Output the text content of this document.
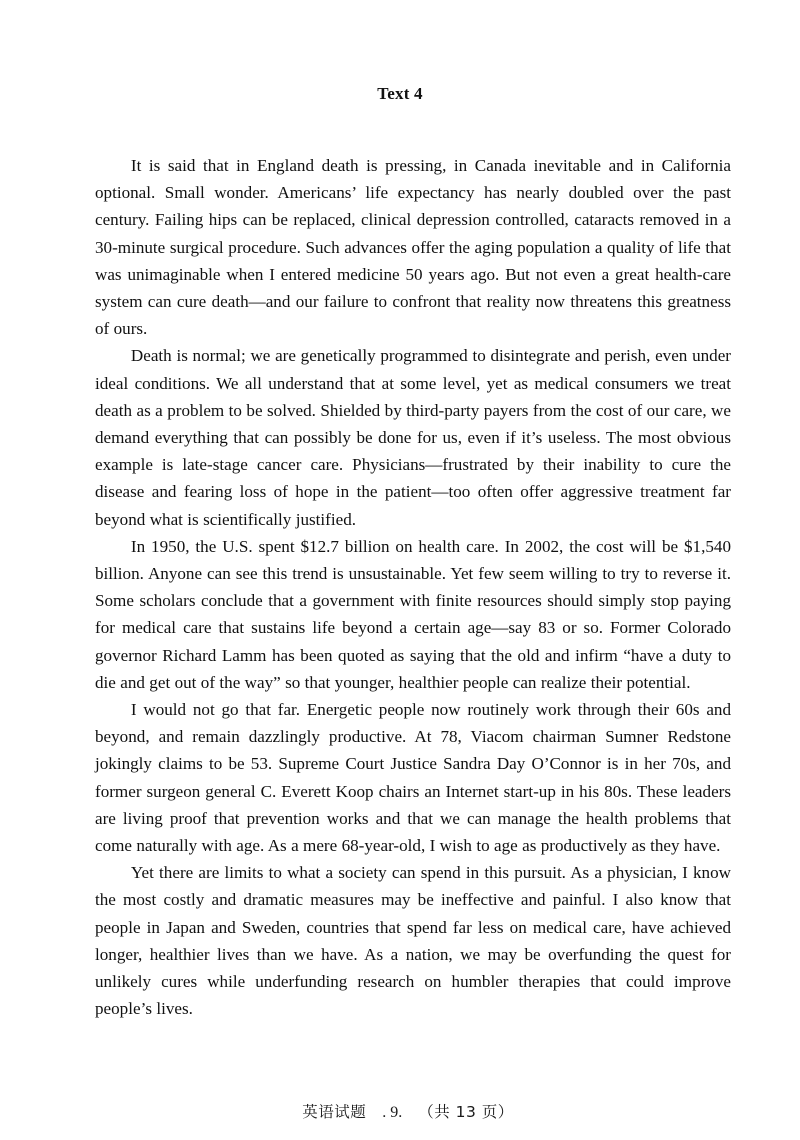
Text 4

It is said that in England death is pressing, in Canada inevitable and in California optional. Small wonder. Americans’ life expectancy has nearly doubled over the past century. Failing hips can be replaced, clinical depression controlled, cataracts removed in a 30-minute surgical procedure. Such advances offer the aging population a quality of life that was unimaginable when I entered medicine 50 years ago. But not even a great health-care system can cure death—and our failure to confront that reality now threatens this greatness of ours.

Death is normal; we are genetically programmed to disintegrate and perish, even under ideal conditions. We all understand that at some level, yet as medical consumers we treat death as a problem to be solved. Shielded by third-party payers from the cost of our care, we demand everything that can possibly be done for us, even if it’s useless. The most obvious example is late-stage cancer care. Physicians—frustrated by their inability to cure the disease and fearing loss of hope in the patient—too often offer aggressive treatment far beyond what is scientifically justified.

In 1950, the U.S. spent $12.7 billion on health care. In 2002, the cost will be $1,540 billion. Anyone can see this trend is unsustainable. Yet few seem willing to try to reverse it. Some scholars conclude that a government with finite resources should simply stop paying for medical care that sustains life beyond a certain age—say 83 or so. Former Colorado governor Richard Lamm has been quoted as saying that the old and infirm “have a duty to die and get out of the way” so that younger, healthier people can realize their potential.

I would not go that far. Energetic people now routinely work through their 60s and beyond, and remain dazzlingly productive. At 78, Viacom chairman Sumner Redstone jokingly claims to be 53. Supreme Court Justice Sandra Day O’Connor is in her 70s, and former surgeon general C. Everett Koop chairs an Internet start-up in his 80s. These leaders are living proof that prevention works and that we can manage the health problems that come naturally with age. As a mere 68-year-old, I wish to age as productively as they have.

Yet there are limits to what a society can spend in this pursuit. As a physician, I know the most costly and dramatic measures may be ineffective and painful. I also know that people in Japan and Sweden, countries that spend far less on medical care, have achieved longer, healthier lives than we have. As a nation, we may be overfunding the quest for unlikely cures while underfunding research on humbler therapies that could improve people’s lives.

英语试题 . 9. （共 13 页）
